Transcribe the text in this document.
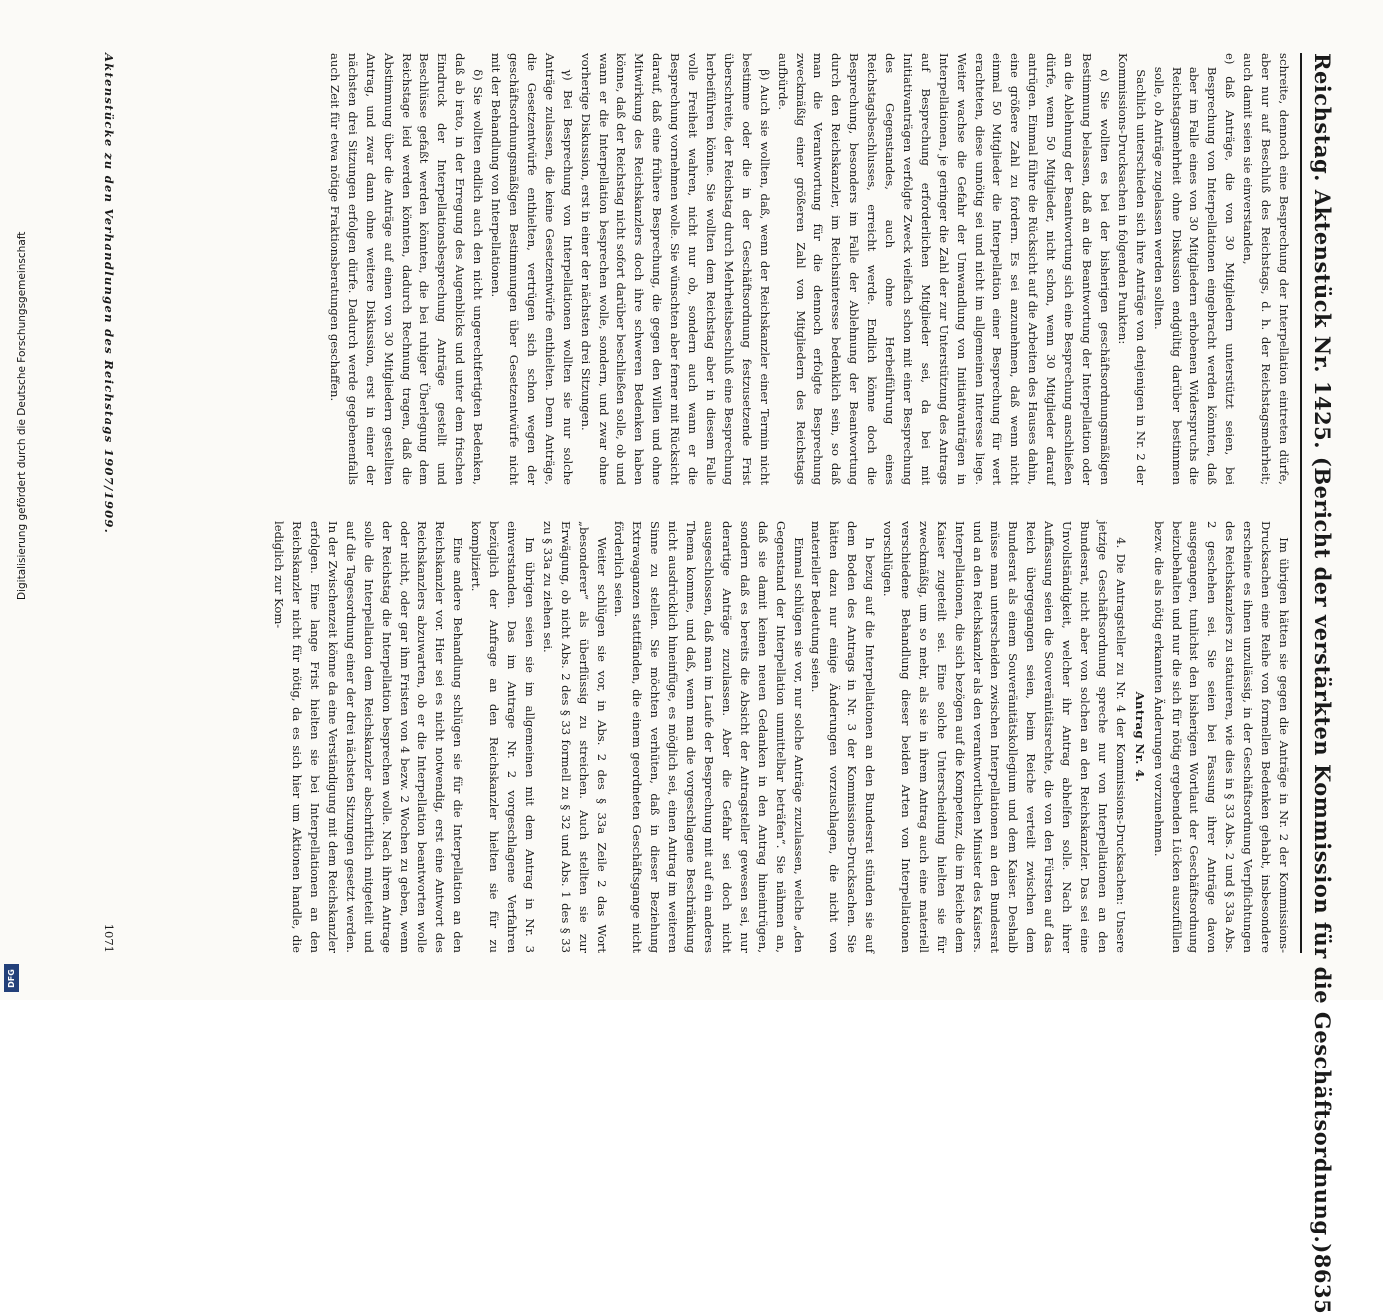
Digitalisierung gefördert durch die Deutsche Forschungsgemeinschaft
DFG	Reichstag. Aktenstück Nr. 1425. (Bericht der verstärkten Kommission für die Geschäftsordnung.)
8635

schreite, dennoch eine Besprechung der Interpellation eintreten dürfe, aber nur auf Beschluß des Reichstags, d. h. der Reichstagsmehrheit; auch damit seien sie einverstanden,

e) daß Anträge, die von 30 Mitgliedern unterstützt seien, bei Besprechung von Interpellationen eingebracht werden könnten, daß aber im Falle eines von 30 Mitgliedern erhobenen Widerspruchs die Reichstagsmehrheit ohne Diskussion endgültig darüber bestimmen solle, ob Anträge zugelassen werden sollten.

Sachlich unterschieden sich ihre Anträge von denjenigen in Nr. 2 der Kommissions-Drucksachen in folgenden Punkten:

α) Sie wollten es bei der bisherigen geschäftsordnungsmäßigen Bestimmung belassen, daß an die Beantwortung der Interpellation oder an die Ablehnung der Beantwortung sich eine Besprechung anschließen dürfe, wenn 50 Mitglieder, nicht schon, wenn 30 Mitglieder darauf antrügen. Einmal führe die Rücksicht auf die Arbeiten des Hauses dahin, eine größere Zahl zu fordern. Es sei anzunehmen, daß wenn nicht einmal 50 Mitglieder die Interpellation einer Besprechung für wert erachteten, diese unnötig sei und nicht im allgemeinen Interesse liege. Weiter wachse die Gefahr der Umwandlung von Initiativanträgen in Interpellationen, je geringer die Zahl der zur Unterstützung des Antrags auf Besprechung erforderlichen Mitglieder sei, da bei mit Initiativanträgen verfolgte Zweck vielfach schon mit einer Besprechung des Gegenstandes, auch ohne Herbeiführung eines Reichstagsbeschlusses, erreicht werde. Endlich könne doch die Besprechung, besonders im Falle der Ablehnung der Beantwortung durch den Reichskanzler, im Reichsinteresse bedenklich sein, so daß man die Verantwortung für die dennoch erfolgte Besprechung zweckmäßig einer größeren Zahl von Mitgliedern des Reichstags aufbürde.

β) Auch sie wollten, daß, wenn der Reichskanzler einer Termin nicht bestimme oder die in der Geschäftsordnung festzusetzende Frist überschreite, der Reichstag durch Mehrheitsbeschluß eine Besprechung herbeiführen könne. Sie wollten dem Reichstag aber in diesem Falle volle Freiheit wahren, nicht nur ob, sondern auch wann er die Besprechung vornehmen wolle. Sie wünschten aber ferner mit Rücksicht darauf, daß eine frühere Besprechung, die gegen den Willen und ohne Mitwirkung des Reichskanzlers doch ihre schweren Bedenken haben könne, daß der Reichstag nicht sofort darüber beschließen solle, ob und wann er die Interpellation besprechen wolle, sondern, und zwar ohne vorherige Diskussion, erst in einer der nächsten drei Sitzungen.

γ) Bei Besprechung von Interpellationen wollten sie nur solche Anträge zulassen, die keine Gesetzentwürfe enthielten. Denn Anträge, die Gesetzentwürfe enthielten, vertrügen sich schon wegen der geschäftsordnungsmäßigen Bestimmungen über Gesetzentwürfe nicht mit der Behandlung von Interpellationen.

δ) Sie wollten endlich auch den nicht ungerechtfertigten Bedenken, daß ab irato, in der Erregung des Augenblicks und unter dem frischen Eindruck der Interpellationsbesprechung Anträge gestellt und Beschlüsse gefaßt werden könnten, die bei ruhiger Überlegung dem Reichstage leid werden könnten, dadurch Rechnung tragen, daß die Abstimmung über die Anträge auf einen von 30 Mitgliedern gestellten Antrag, und zwar dann ohne weitere Diskussion, erst in einer der nächsten drei Sitzungen erfolgen dürfe. Dadurch werde gegebenenfalls auch Zeit für etwa nötige Fraktionsberatungen geschaffen.

Im übrigen hätten sie gegen die Anträge in Nr. 2 der Kommissions-Drucksachen eine Reihe von formellen Bedenken gehabt, insbesondere erscheine es ihnen unzulässig, in der Geschäftsordnung Verpflichtungen des Reichskanzlers zu statuieren, wie dies in § 33 Abs. 2 und § 33a Abs. 2 geschehen sei. Sie seien bei Fassung ihrer Anträge davon ausgegangen, tunlichst den bisherigen Wortlaut der Geschäftsordnung beizubehalten und nur die sich für nötig ergebenden Lücken auszufüllen bezw. die als nötig erkannten Änderungen vorzunehmen.

Antrag Nr. 4.

4. Die Antragsteller zu Nr. 4 der Kommissions-Drucksachen: Unsere jetzige Geschäftsordnung spreche nur von Interpellationen an den Bundesrat, nicht aber von solchen an den Reichskanzler. Das sei eine Unvollständigkeit, welcher ihr Antrag abhelfen solle. Nach ihrer Auffassung seien die Souveränitätsrechte, die von den Fürsten auf das Reich übergegangen seien, beim Reiche verteilt zwischen dem Bundesrat als einem Souveränitätskollegium und dem Kaiser. Deshalb müsse man unterscheiden zwischen Interpellationen an den Bundesrat und an den Reichskanzler als den verantwortlichen Minister des Kaisers. Interpellationen, die sich bezögen auf die Kompetenz, die im Reiche dem Kaiser zugeteilt sei. Eine solche Unterscheidung hielten sie für zweckmäßig, um so mehr, als sie in ihrem Antrag auch eine materiell verschiedene Behandlung dieser beiden Arten von Interpellationen vorschlügen.

In bezug auf die Interpellationen an den Bundesrat stünden sie auf dem Boden des Antrags in Nr. 3 der Kommissions-Drucksachen. Sie hätten dazu nur einige Änderungen vorzuschlagen, die nicht von materieller Bedeutung seien.

Einmal schlügen sie vor, nur solche Anträge zuzulassen, welche „den Gegenstand der Interpellation unmittelbar beträfen“. Sie nähmen an, daß sie damit keinen neuen Gedanken in den Antrag hineintrügen, sondern daß es bereits die Absicht der Antragsteller gewesen sei, nur derartige Anträge zuzulassen. Aber die Gefahr sei doch nicht ausgeschlossen, daß man im Laufe der Besprechung mit auf ein anderes Thema komme, und daß, wenn man die vorgeschlagene Beschränkung nicht ausdrücklich hineinfüge, es möglich sei, einen Antrag im weiteren Sinne zu stellen. Sie möchten verhüten, daß in dieser Beziehung Extravaganzen stattfänden, die einem geordneten Geschäftsgange nicht förderlich seien.

Weiter schlügen sie vor, in Abs. 2 des § 33a Zeile 2 das Wort „besonderer“ als überflüssig zu streichen. Auch stellten sie zur Erwägung, ob nicht Abs. 2 des § 33 formell zu § 32 und Abs. 1 des § 33 zu § 33a zu ziehen sei.

Im übrigen seien sie im allgemeinen mit dem Antrag in Nr. 3 einverstanden. Das im Antrage Nr. 2 vorgeschlagene Verfahren bezüglich der Anfrage an den Reichskanzler hielten sie für zu kompliziert.

Eine andere Behandlung schlügen sie für die Interpellation an den Reichskanzler vor. Hier sei es nicht notwendig, erst eine Antwort des Reichskanzlers abzuwarten, ob er die Interpellation beantworten wolle oder nicht, oder gar ihm Fristen von 4 bezw. 2 Wochen zu geben, wenn der Reichstag die Interpellation besprechen wolle. Nach ihrem Antrage solle die Interpellation dem Reichskanzler abschriftlich mitgeteilt und auf die Tagesordnung einer der drei nächsten Sitzungen gesetzt werden. In der Zwischenzeit könne da eine Verständigung mit dem Reichskanzler erfolgen. Eine lange Frist hielten sie bei Interpellationen an den Reichskanzler nicht für nötig, da es sich hier um Aktionen handle, die lediglich zur Kom-

Aktenstücke zu den Verhandlungen des Reichstags 1907/1909.
1071
